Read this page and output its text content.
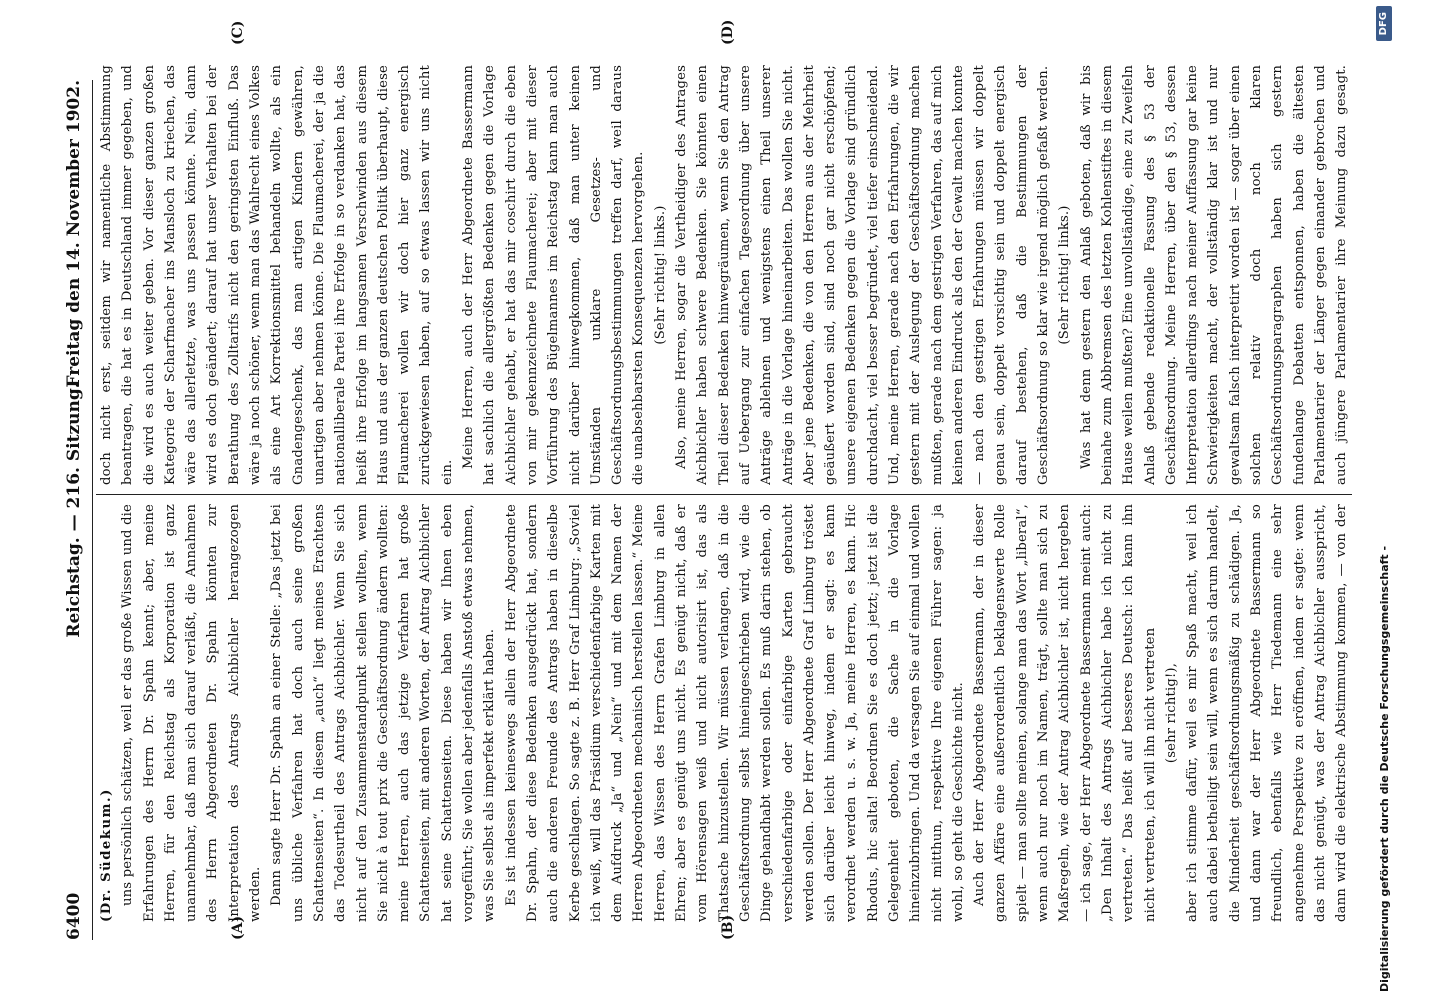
6400
Reichstag. — 216. Sitzung.
Freitag den 14. November 1902.
(A)	(B)
(C)	(D)

(Dr. Südekum.) uns persönlich schätzen, weil er das große Wissen und die Erfahrungen des Herrn Dr. Spahn kennt; aber, meine Herren, für den Reichstag als Korporation ist ganz unannehmbar, daß man sich darauf verläßt, die Annahmen des Herrn Abgeordneten Dr. Spahn könnten zur Interpretation des Antrags Aichbichler herangezogen werden. Dann sagte Herr Dr. Spahn an einer Stelle: „Das jetzt bei uns übliche Verfahren hat doch auch seine großen Schattenseiten“. In diesem „auch“ liegt meines Erachtens das Todesurtheil des Antrags Aichbichler. Wenn Sie sich nicht auf den Zusammenstandpunkt stellen wollten, wenn Sie nicht à tout prix die Geschäftsordnung ändern wollten: meine Herren, auch das jetzige Verfahren hat große Schattenseiten, mit anderen Worten, der Antrag Aichbichler hat seine Schattenseiten. Diese haben wir Ihnen eben vorgeführt; Sie wollen aber jedenfalls Anstoß etwas nehmen, was Sie selbst als imperfekt erklärt haben. Es ist indessen keineswegs allein der Herr Abgeordnete Dr. Spahn, der diese Bedenken ausgedrückt hat, sondern auch die anderen Freunde des Antrags haben in dieselbe Kerbe geschlagen. So sagte z. B. Herr Graf Limburg: „Soviel ich weiß, will das Präsidium verschiedenfarbige Karten mit dem Aufdruck „Ja“ und „Nein“ und mit dem Namen der Herren Abgeordneten mechanisch herstellen lassen.“ Meine Herren, das Wissen des Herrn Grafen Limburg in allen Ehren; aber es genügt uns nicht. Es genügt nicht, daß er vom Hörensagen weiß und nicht autorisirt ist, das als Thatsache hinzustellen. Wir müssen verlangen, daß in die Geschäftsordnung selbst hineingeschrieben wird, wie die Dinge gehandhabt werden sollen. Es muß darin stehen, ob verschiedenfarbige oder einfarbige Karten gebraucht werden sollen. Der Herr Abgeordnete Graf Limburg tröstet sich darüber leicht hinweg, indem er sagt: es kann verordnet werden u. s. w. Ja, meine Herren, es kann. Hic Rhodus, hic salta! Beordnen Sie es doch jetzt; jetzt ist die Gelegenheit geboten, die Sache in die Vorlage hineinzubringen. Und da versagen Sie auf einmal und wollen nicht mitthun, respektive Ihre eigenen Führer sagen: ja wohl, so geht die Geschichte nicht. Auch der Herr Abgeordnete Bassermann, der in dieser ganzen Affäre eine außerordentlich beklagenswerte Rolle spielt — man sollte meinen, solange man das Wort „liberal“, wenn auch nur noch im Namen, trägt, sollte man sich zu Maßregeln, wie der Antrag Aichbichler ist, nicht hergeben — ich sage, der Herr Abgeordnete Bassermann meint auch: „Den Inhalt des Antrags Aichbichler habe ich nicht zu vertreten.“ Das heißt auf besseres Deutsch: ich kann ihn nicht vertreten, ich will ihn nicht vertreten (sehr richtig!),

aber ich stimme dafür, weil es mir Spaß macht, weil ich auch dabei betheiligt sein will, wenn es sich darum handelt, die Minderheit geschäftsordnungsmäßig zu schädigen. Ja, und dann war der Herr Abgeordnete Bassermann so freundlich, ebenfalls wie Herr Tiedemann eine sehr angenehme Perspektive zu eröffnen, indem er sagte: wenn das nicht genügt, was der Antrag Aichbichler ausspricht, dann wird die elektrische Abstimmung kommen, — von der

doch nicht erst, seitdem wir namentliche Abstimmung beantragen, die hat es in Deutschland immer gegeben, und die wird es auch weiter geben. Vor dieser ganzen großen Kategorie der Scharfmacher ins Mansloch zu kriechen, das wäre das allerletzte, was uns passen könnte. Nein, dann wird es doch geändert; darauf hat unser Verhalten bei der Berathung des Zolltarifs nicht den geringsten Einfluß. Das wäre ja noch schöner, wenn man das Wahlrecht eines Volkes als eine Art Korrektionsmittel behandeln wollte, als ein Gnadengeschenk, das man artigen Kindern gewähren, unartigen aber nehmen könne. Die Flaumacherei, der ja die nationalliberale Partei ihre Erfolge in so verdanken hat, das heißt ihre Erfolge im langsamen Verschwinden aus diesem Haus und aus der ganzen deutschen Politik überhaupt, diese Flaumacherei wollen wir doch hier ganz energisch zurückgewiesen haben, auf so etwas lassen wir uns nicht ein.

Meine Herren, auch der Herr Abgeordnete Bassermann hat sachlich die allergrößten Bedenken gegen die Vorlage Aichbichler gehabt, er hat das mir coschirt durch die eben von mir gekennzeichnete Flaumacherei; aber mit dieser Vorführung des Bügelmannes im Reichstag kann man auch nicht darüber hinwegkommen, daß man unter keinen Umständen unklare Gesetzes- und Geschäftsordnungsbestimmungen treffen darf, weil daraus die unabsehbarsten Konsequenzen hervorgehen. (Sehr richtig! links.) Also, meine Herren, sogar die Vertheidiger des Antrages Aichbichler haben schwere Bedenken. Sie könnten einen Theil dieser Bedenken hinwegräumen, wenn Sie den Antrag auf Uebergang zur einfachen Tagesordnung über unsere Anträge ablehnen und wenigstens einen Theil unserer Anträge in die Vorlage hineinarbeiten. Das wollen Sie nicht. Aber jene Bedenken, die von den Herren aus der Mehrheit geäußert worden sind, sind noch gar nicht erschöpfend; unsere eigenen Bedenken gegen die Vorlage sind gründlich durchdacht, viel besser begründet, viel tiefer einschneidend. Und, meine Herren, gerade nach den Erfahrungen, die wir gestern mit der Auslegung der Geschäftsordnung machen mußten, gerade nach dem gestrigen Verfahren, das auf mich keinen anderen Eindruck als den der Gewalt machen konnte — nach den gestrigen Erfahrungen müssen wir doppelt genau sein, doppelt vorsichtig sein und doppelt energisch darauf bestehen, daß die Bestimmungen der Geschäftsordnung so klar wie irgend möglich gefaßt werden. (Sehr richtig! links.)

Was hat denn gestern den Anlaß geboten, daß wir bis beinahe zum Abbremsen des letzten Kohlenstiftes in diesem Hause weilen mußten? Eine unvollständige, eine zu Zweifeln Anlaß gebende redaktionelle Fassung des § 53 der Geschäftsordnung. Meine Herren, über den § 53, dessen Interpretation allerdings nach meiner Auffassung gar keine Schwierigkeiten macht, der vollständig klar ist und nur gewaltsam falsch interpretirt worden ist — sogar über einen solchen relativ doch noch klaren Geschäftsordnungsparagraphen haben sich gestern fundenlange Debatten entsponnen, haben die ältesten Parlamentarier der Länger gegen einander gebrochen und auch jüngere Parlamentarier ihre Meinung dazu gesagt.

Digitalisierung gefördert durch die Deutsche Forschungsgemeinschaft -
DFG
